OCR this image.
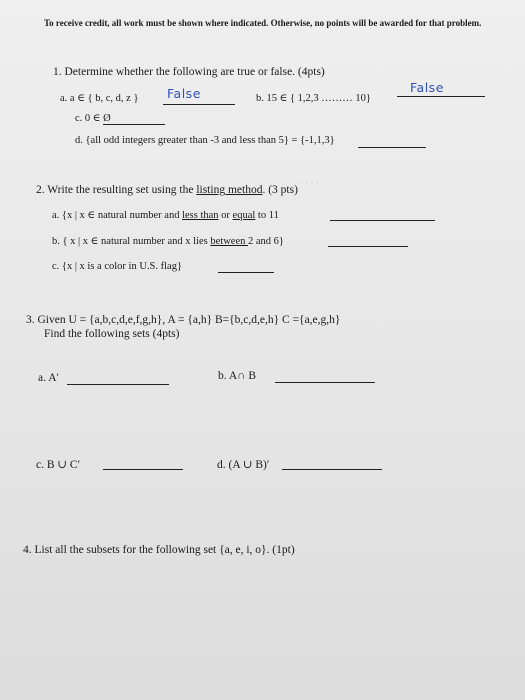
· · · ·
To receive credit, all work must be shown where indicated. Otherwise, no points will be awarded for that problem.
1. Determine whether the following are true or false. (4pts)
a. a ∈ { b, c, d, z } False	b. 15 ∈ { 1,2,3 ……… 10}
False
c. 0 ∈ Ø
d. {all odd integers greater than -3 and less than 5} = {-1,1,3}
2. Write the resulting set using the listing method. (3 pts)
a. {x | x ∈ natural number and less than or equal to 11
b. { x | x ∈ natural number and x lies between 2 and 6}
c. {x | x is a color in U.S. flag}
3. Given U = {a,b,c,d,e,f,g,h}, A = {a,h} B={b,c,d,e,h} C ={a,e,g,h}
Find the following sets (4pts)
a. A′	b. A∩ B
c. B ∪ C′	d. (A ∪ B)′
4. List all the subsets for the following set {a, e, i, o}. (1pt)
